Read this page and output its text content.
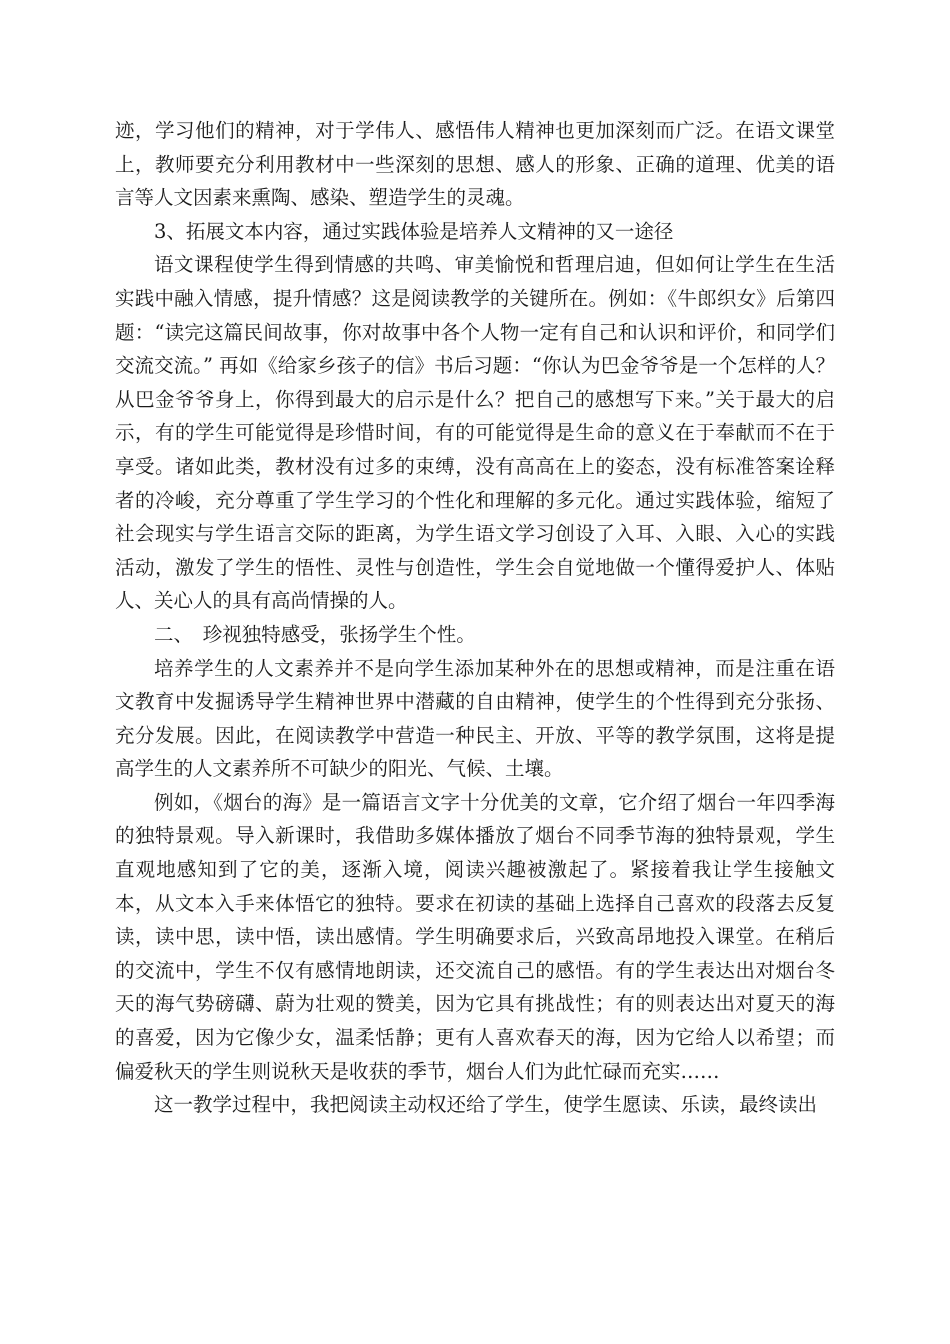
迹，学习他们的精神，对于学伟人、感悟伟人精神也更加深刻而广泛。在语文课堂上，教师要充分利用教材中一些深刻的思想、感人的形象、正确的道理、优美的语言等人文因素来熏陶、感染、塑造学生的灵魂。

3、拓展文本内容，通过实践体验是培养人文精神的又一途径

语文课程使学生得到情感的共鸣、审美愉悦和哲理启迪，但如何让学生在生活实践中融入情感，提升情感？这是阅读教学的关键所在。例如：《牛郎织女》后第四题：“读完这篇民间故事，你对故事中各个人物一定有自己和认识和评价，和同学们交流交流。” 再如《给家乡孩子的信》书后习题：“你认为巴金爷爷是一个怎样的人？从巴金爷爷身上，你得到最大的启示是什么？把自己的感想写下来。”关于最大的启示，有的学生可能觉得是珍惜时间，有的可能觉得是生命的意义在于奉献而不在于享受。诸如此类，教材没有过多的束缚，没有高高在上的姿态，没有标准答案诠释者的冷峻，充分尊重了学生学习的个性化和理解的多元化。通过实践体验，缩短了社会现实与学生语言交际的距离，为学生语文学习创设了入耳、入眼、入心的实践活动，激发了学生的悟性、灵性与创造性，学生会自觉地做一个懂得爱护人、体贴人、关心人的具有高尚情操的人。

二、　珍视独特感受，张扬学生个性。

培养学生的人文素养并不是向学生添加某种外在的思想或精神，而是注重在语文教育中发掘诱导学生精神世界中潜藏的自由精神，使学生的个性得到充分张扬、充分发展。因此，在阅读教学中营造一种民主、开放、平等的教学氛围，这将是提高学生的人文素养所不可缺少的阳光、气候、土壤。

例如，《烟台的海》是一篇语言文字十分优美的文章，它介绍了烟台一年四季海的独特景观。导入新课时，我借助多媒体播放了烟台不同季节海的独特景观，学生直观地感知到了它的美，逐渐入境，阅读兴趣被激起了。紧接着我让学生接触文本，从文本入手来体悟它的独特。要求在初读的基础上选择自己喜欢的段落去反复读，读中思，读中悟，读出感情。学生明确要求后，兴致高昂地投入课堂。在稍后的交流中，学生不仅有感情地朗读，还交流自己的感悟。有的学生表达出对烟台冬天的海气势磅礴、蔚为壮观的赞美，因为它具有挑战性；有的则表达出对夏天的海的喜爱，因为它像少女，温柔恬静；更有人喜欢春天的海，因为它给人以希望；而偏爱秋天的学生则说秋天是收获的季节，烟台人们为此忙碌而充实……

这一教学过程中，我把阅读主动权还给了学生，使学生愿读、乐读，最终读出
